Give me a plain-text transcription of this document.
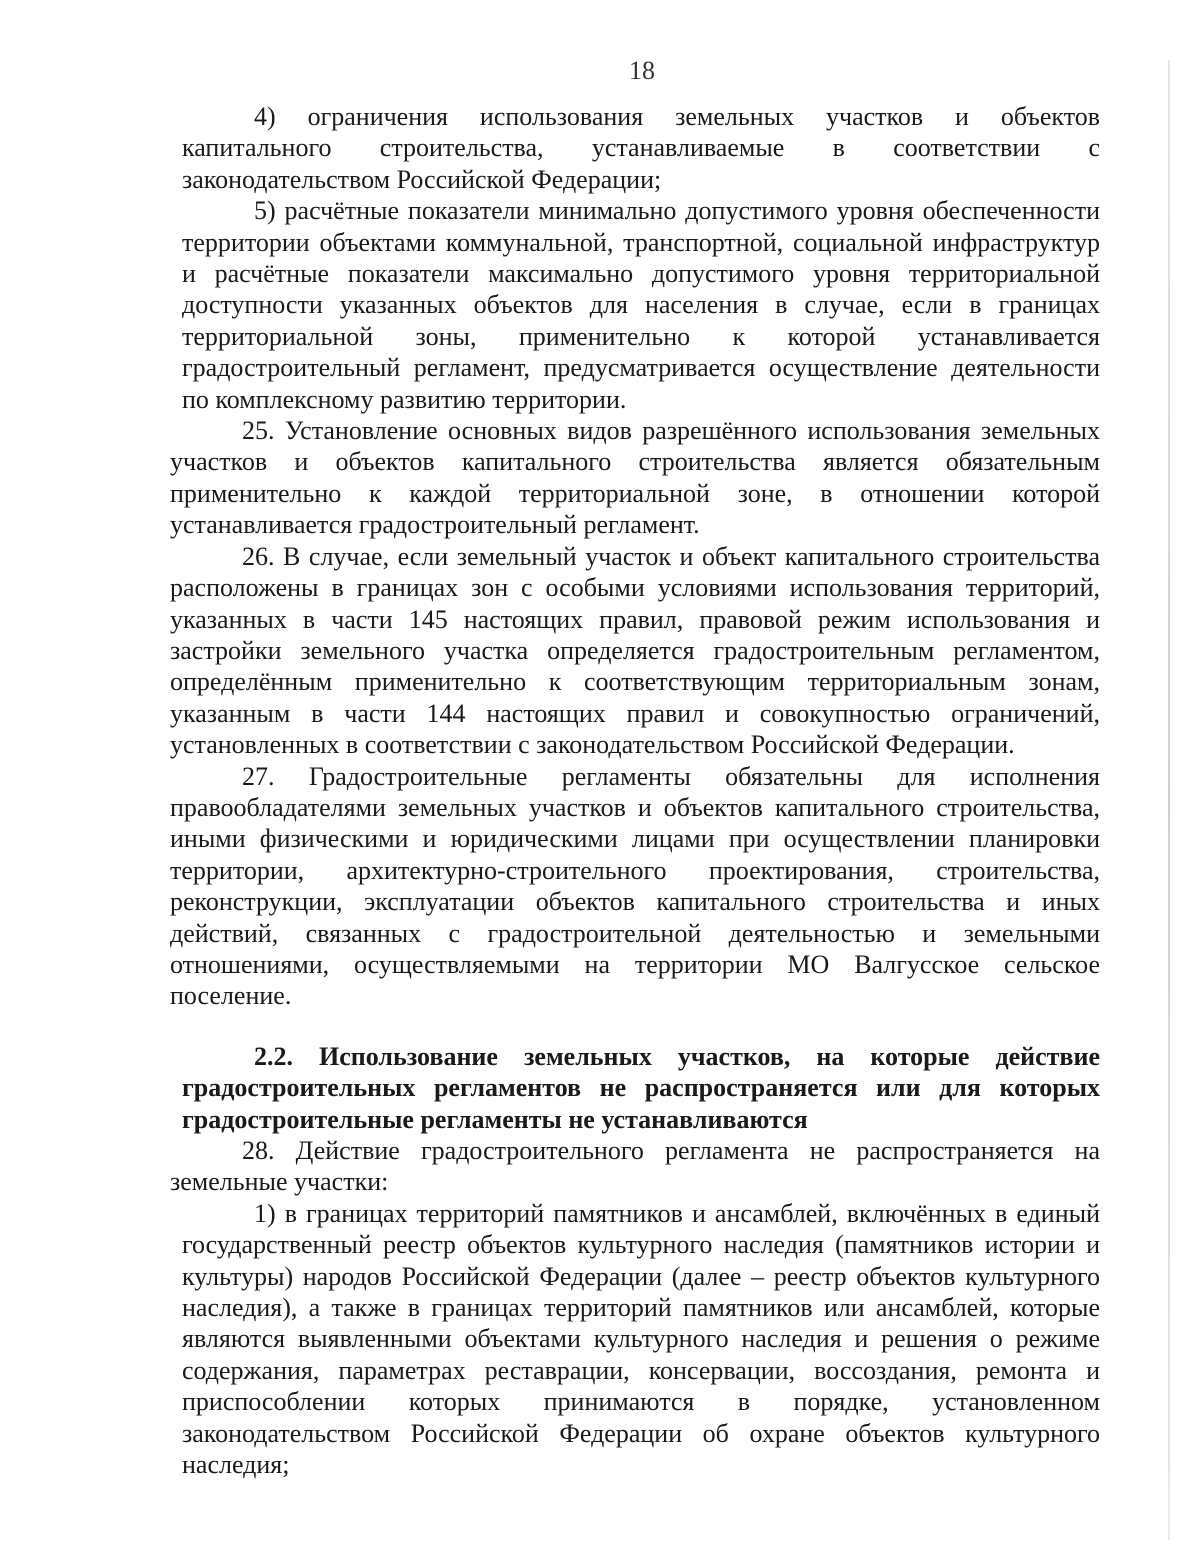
18

4) ограничения использования земельных участков и объектов капитального строительства, устанавливаемые в соответствии с законодательством Российской Федерации;

5) расчётные показатели минимально допустимого уровня обеспеченности территории объектами коммунальной, транспортной, социальной инфраструктур и расчётные показатели максимально допустимого уровня территориальной доступности указанных объектов для населения в случае, если в границах территориальной зоны, применительно к которой устанавливается градостроительный регламент, предусматривается осуществление деятельности по комплексному развитию территории.

25. Установление основных видов разрешённого использования земельных участков и объектов капитального строительства является обязательным применительно к каждой территориальной зоне, в отношении которой устанавливается градостроительный регламент.

26. В случае, если земельный участок и объект капитального строительства расположены в границах зон с особыми условиями использования территорий, указанных в части 145 настоящих правил, правовой режим использования и застройки земельного участка определяется градостроительным регламентом, определённым применительно к соответствующим территориальным зонам, указанным в части 144 настоящих правил и совокупностью ограничений, установленных в соответствии с законодательством Российской Федерации.

27. Градостроительные регламенты обязательны для исполнения правообладателями земельных участков и объектов капитального строительства, иными физическими и юридическими лицами при осуществлении планировки территории, архитектурно-строительного проектирования, строительства, реконструкции, эксплуатации объектов капитального строительства и иных действий, связанных с градостроительной деятельностью и земельными отношениями, осуществляемыми на территории МО Валгусское сельское поселение.

2.2. Использование земельных участков, на которые действие градостроительных регламентов не распространяется или для которых градостроительные регламенты не устанавливаются

28. Действие градостроительного регламента не распространяется на земельные участки:

1) в границах территорий памятников и ансамблей, включённых в единый государственный реестр объектов культурного наследия (памятников истории и культуры) народов Российской Федерации (далее – реестр объектов культурного наследия), а также в границах территорий памятников или ансамблей, которые являются выявленными объектами культурного наследия и решения о режиме содержания, параметрах реставрации, консервации, воссоздания, ремонта и приспособлении которых принимаются в порядке, установленном законодательством Российской Федерации об охране объектов культурного наследия;
